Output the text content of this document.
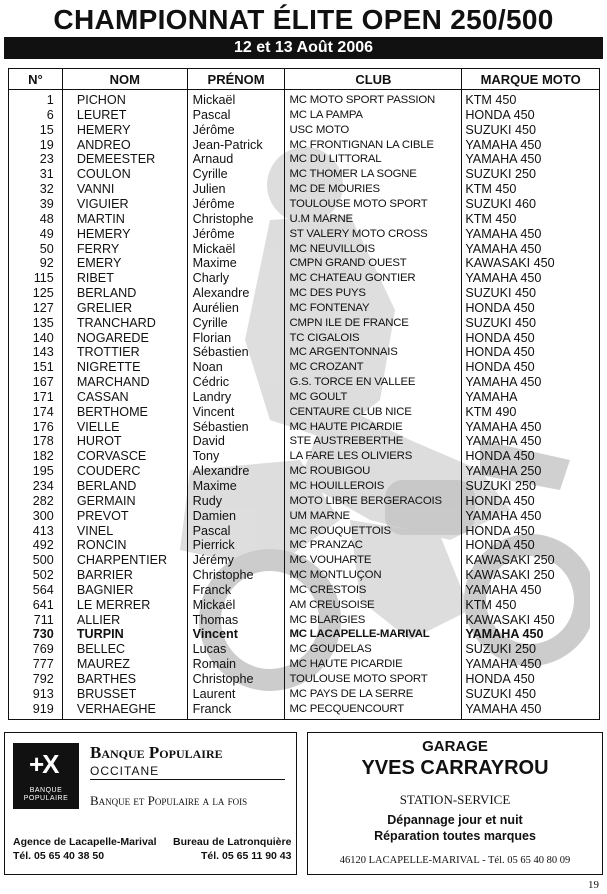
CHAMPIONNAT ÉLITE OPEN 250/500
12 et 13 Août 2006
N°	NOM	PRÉNOM	CLUB	MARQUE MOTO
1	PICHON	Mickaël	MC MOTO SPORT PASSION	KTM 450
6	LEURET	Pascal	MC LA PAMPA	HONDA 450
15	HEMERY	Jérôme	USC MOTO	SUZUKI 450
19	ANDREO	Jean-Patrick	MC FRONTIGNAN LA CIBLE	YAMAHA 450
23	DEMEESTER	Arnaud	MC DU LITTORAL	YAMAHA 450
31	COULON	Cyrille	MC THOMER LA SOGNE	SUZUKI 250
32	VANNI	Julien	MC DE MOURIES	KTM 450
39	VIGUIER	Jérôme	TOULOUSE MOTO SPORT	SUZUKI 460
48	MARTIN	Christophe	U.M MARNE	KTM 450
49	HEMERY	Jérôme	ST VALERY MOTO CROSS	YAMAHA 450
50	FERRY	Mickaël	MC NEUVILLOIS	YAMAHA 450
92	EMERY	Maxime	CMPN GRAND OUEST	KAWASAKI 450
115	RIBET	Charly	MC CHATEAU GONTIER	YAMAHA 450
125	BERLAND	Alexandre	MC DES PUYS	SUZUKI 450
127	GRELIER	Aurélien	MC FONTENAY	HONDA 450
135	TRANCHARD	Cyrille	CMPN ILE DE FRANCE	SUZUKI 450
140	NOGAREDE	Florian	TC CIGALOIS	HONDA 450
143	TROTTIER	Sébastien	MC ARGENTONNAIS	HONDA 450
151	NIGRETTE	Noan	MC CROZANT	HONDA 450
167	MARCHAND	Cédric	G.S. TORCE EN VALLEE	YAMAHA 450
171	CASSAN	Landry	MC GOULT	YAMAHA
174	BERTHOME	Vincent	CENTAURE CLUB NICE	KTM 490
176	VIELLE	Sébastien	MC HAUTE PICARDIE	YAMAHA 450
178	HUROT	David	STE AUSTREBERTHE	YAMAHA 450
182	CORVASCE	Tony	LA FARE LES OLIVIERS	HONDA 450
195	COUDERC	Alexandre	MC ROUBIGOU	YAMAHA 250
234	BERLAND	Maxime	MC HOUILLEROIS	SUZUKI 250
282	GERMAIN	Rudy	MOTO LIBRE BERGERACOIS	HONDA 450
300	PREVOT	Damien	UM MARNE	YAMAHA 450
413	VINEL	Pascal	MC ROUQUETTOIS	HONDA 450
492	RONCIN	Pierrick	MC PRANZAC	HONDA 450
500	CHARPENTIER	Jérémy	MC VOUHARTE	KAWASAKI 250
502	BARRIER	Christophe	MC MONTLUÇON	KAWASAKI 250
564	BAGNIER	Franck	MC CRESTOIS	YAMAHA 450
641	LE MERRER	Mickaël	AM CREUSOISE	KTM 450
711	ALLIER	Thomas	MC BLARGIES	KAWASAKI 450
730	TURPIN	Vincent	MC LACAPELLE-MARIVAL	YAMAHA 450
769	BELLEC	Lucas	MC GOUDELAS	SUZUKI 250
777	MAUREZ	Romain	MC HAUTE PICARDIE	YAMAHA 450
792	BARTHES	Christophe	TOULOUSE MOTO SPORT	HONDA 450
913	BRUSSET	Laurent	MC PAYS DE LA SERRE	SUZUKI 450
919	VERHAEGHE	Franck	MC PECQUENCOURT	YAMAHA 450
+X
BANQUE
POPULAIRE
Banque Populaire
OCCITANE
Banque et Populaire a la fois
Agence de Lacapelle-Marival
Tél. 05 65 40 38 50
Bureau de Latronquière
Tél. 05 65 11 90 43
GARAGE
YVES CARRAYROU
STATION-SERVICE
Dépannage jour et nuit
Réparation toutes marques
46120 LACAPELLE-MARIVAL - Tél. 05 65 40 80 09
19
